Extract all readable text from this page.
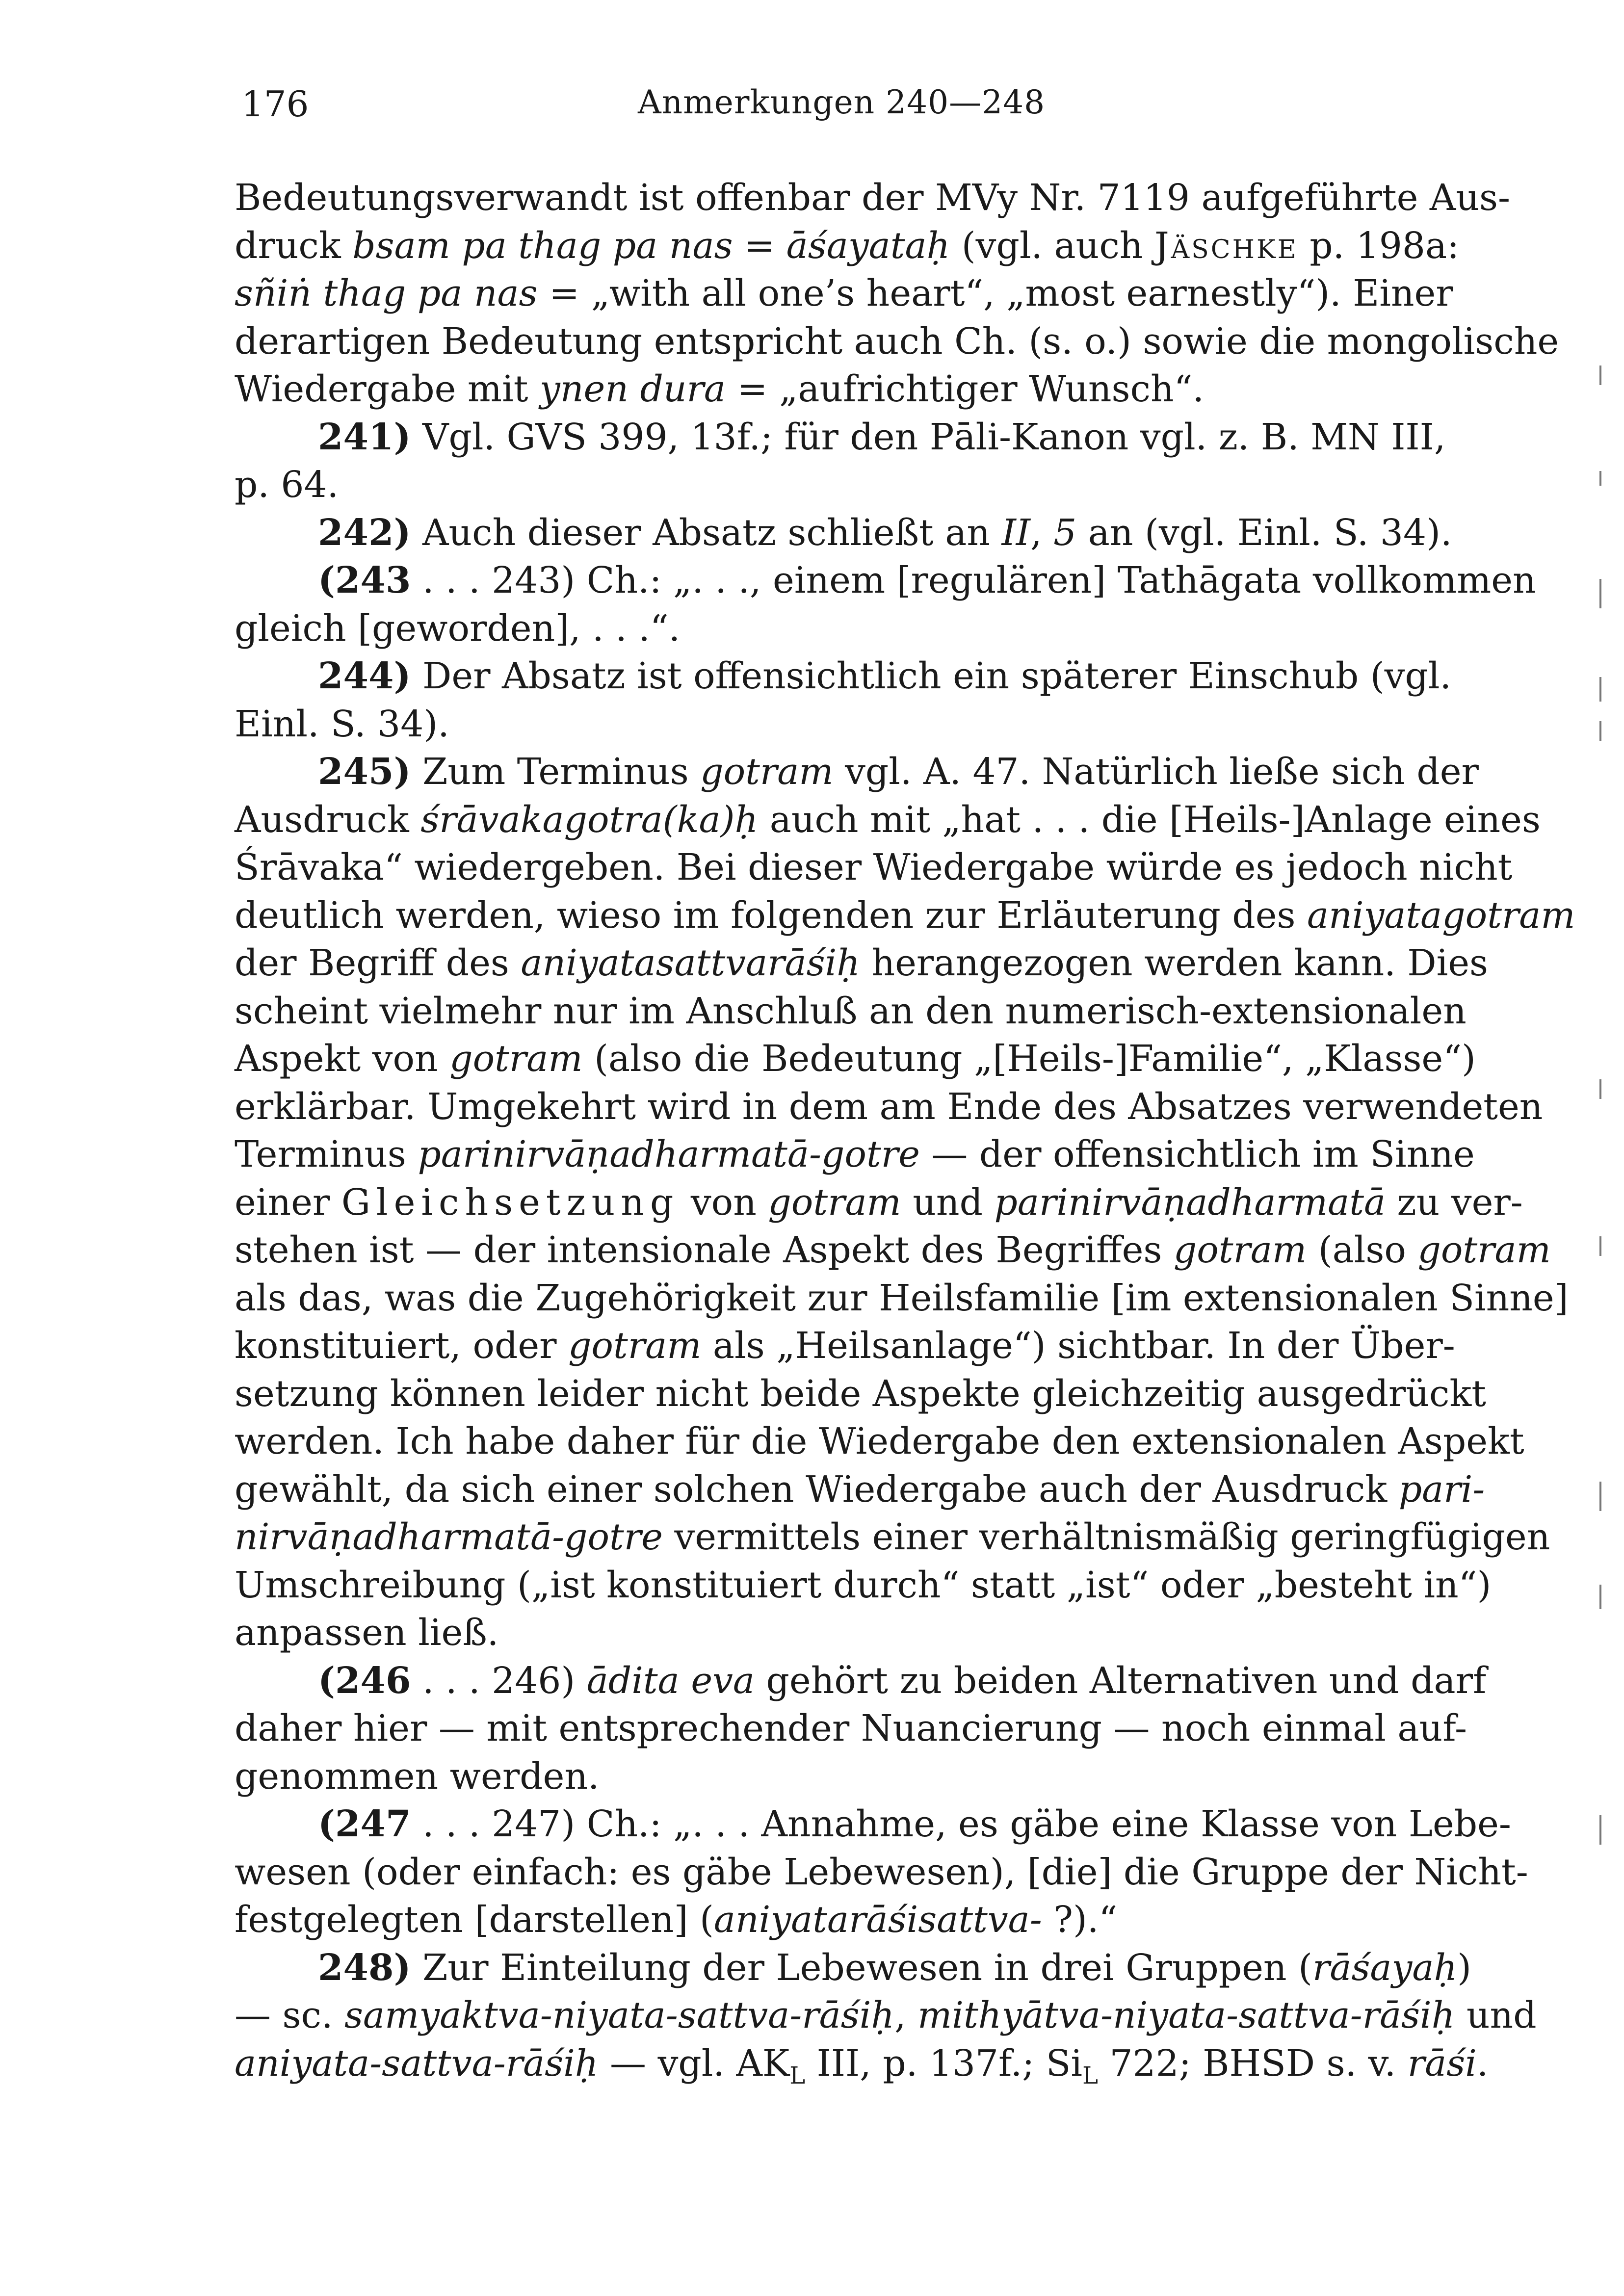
176	Anmerkungen 240—248
Bedeutungsverwandt ist offenbar der MVy Nr. 7119 aufgeführte Aus-
druck bsam pa thag pa nas = āśayataḥ (vgl. auch Jäschke p. 198a:
sñiṅ thag pa nas = „with all one’s heart“, „most earnestly“). Einer
derartigen Bedeutung entspricht auch Ch. (s. o.) sowie die mongolische
Wiedergabe mit ynen dura = „aufrichtiger Wunsch“.
241) Vgl. GVS 399, 13f.; für den Pāli-Kanon vgl. z. B. MN III,
p. 64.
242) Auch dieser Absatz schließt an II, 5 an (vgl. Einl. S. 34).
(243 . . . 243) Ch.: „. . ., einem [regulären] Tathāgata vollkommen
gleich [geworden], . . .“.
244) Der Absatz ist offensichtlich ein späterer Einschub (vgl.
Einl. S. 34).
245) Zum Terminus gotram vgl. A. 47. Natürlich ließe sich der
Ausdruck śrāvakagotra(ka)ḥ auch mit „hat . . . die [Heils-]Anlage eines
Śrāvaka“ wiedergeben. Bei dieser Wiedergabe würde es jedoch nicht
deutlich werden, wieso im folgenden zur Erläuterung des aniyatagotram
der Begriff des aniyatasattvarāśiḥ herangezogen werden kann. Dies
scheint vielmehr nur im Anschluß an den numerisch-extensionalen
Aspekt von gotram (also die Bedeutung „[Heils-]Familie“, „Klasse“)
erklärbar. Umgekehrt wird in dem am Ende des Absatzes verwendeten
Terminus parinirvāṇadharmatā-gotre — der offensichtlich im Sinne
einer Gleichsetzung von gotram und parinirvāṇadharmatā zu ver-
stehen ist — der intensionale Aspekt des Begriffes gotram (also gotram
als das, was die Zugehörigkeit zur Heilsfamilie [im extensionalen Sinne]
konstituiert, oder gotram als „Heilsanlage“) sichtbar. In der Über-
setzung können leider nicht beide Aspekte gleichzeitig ausgedrückt
werden. Ich habe daher für die Wiedergabe den extensionalen Aspekt
gewählt, da sich einer solchen Wiedergabe auch der Ausdruck pari-
nirvāṇadharmatā-gotre vermittels einer verhältnismäßig geringfügigen
Umschreibung („ist konstituiert durch“ statt „ist“ oder „besteht in“)
anpassen ließ.
(246 . . . 246) ādita eva gehört zu beiden Alternativen und darf
daher hier — mit entsprechender Nuancierung — noch einmal auf-
genommen werden.
(247 . . . 247) Ch.: „. . . Annahme, es gäbe eine Klasse von Lebe-
wesen (oder einfach: es gäbe Lebewesen), [die] die Gruppe der Nicht-
festgelegten [darstellen] (aniyatarāśisattva- ?).“
248) Zur Einteilung der Lebewesen in drei Gruppen (rāśayaḥ)
— sc. samyaktva-niyata-sattva-rāśiḥ, mithyātva-niyata-sattva-rāśiḥ und
aniyata-sattva-rāśiḥ — vgl. $AK_L$ III, p. 137f.; $Si_L$ 722; BHSD s. v. rāśi.
